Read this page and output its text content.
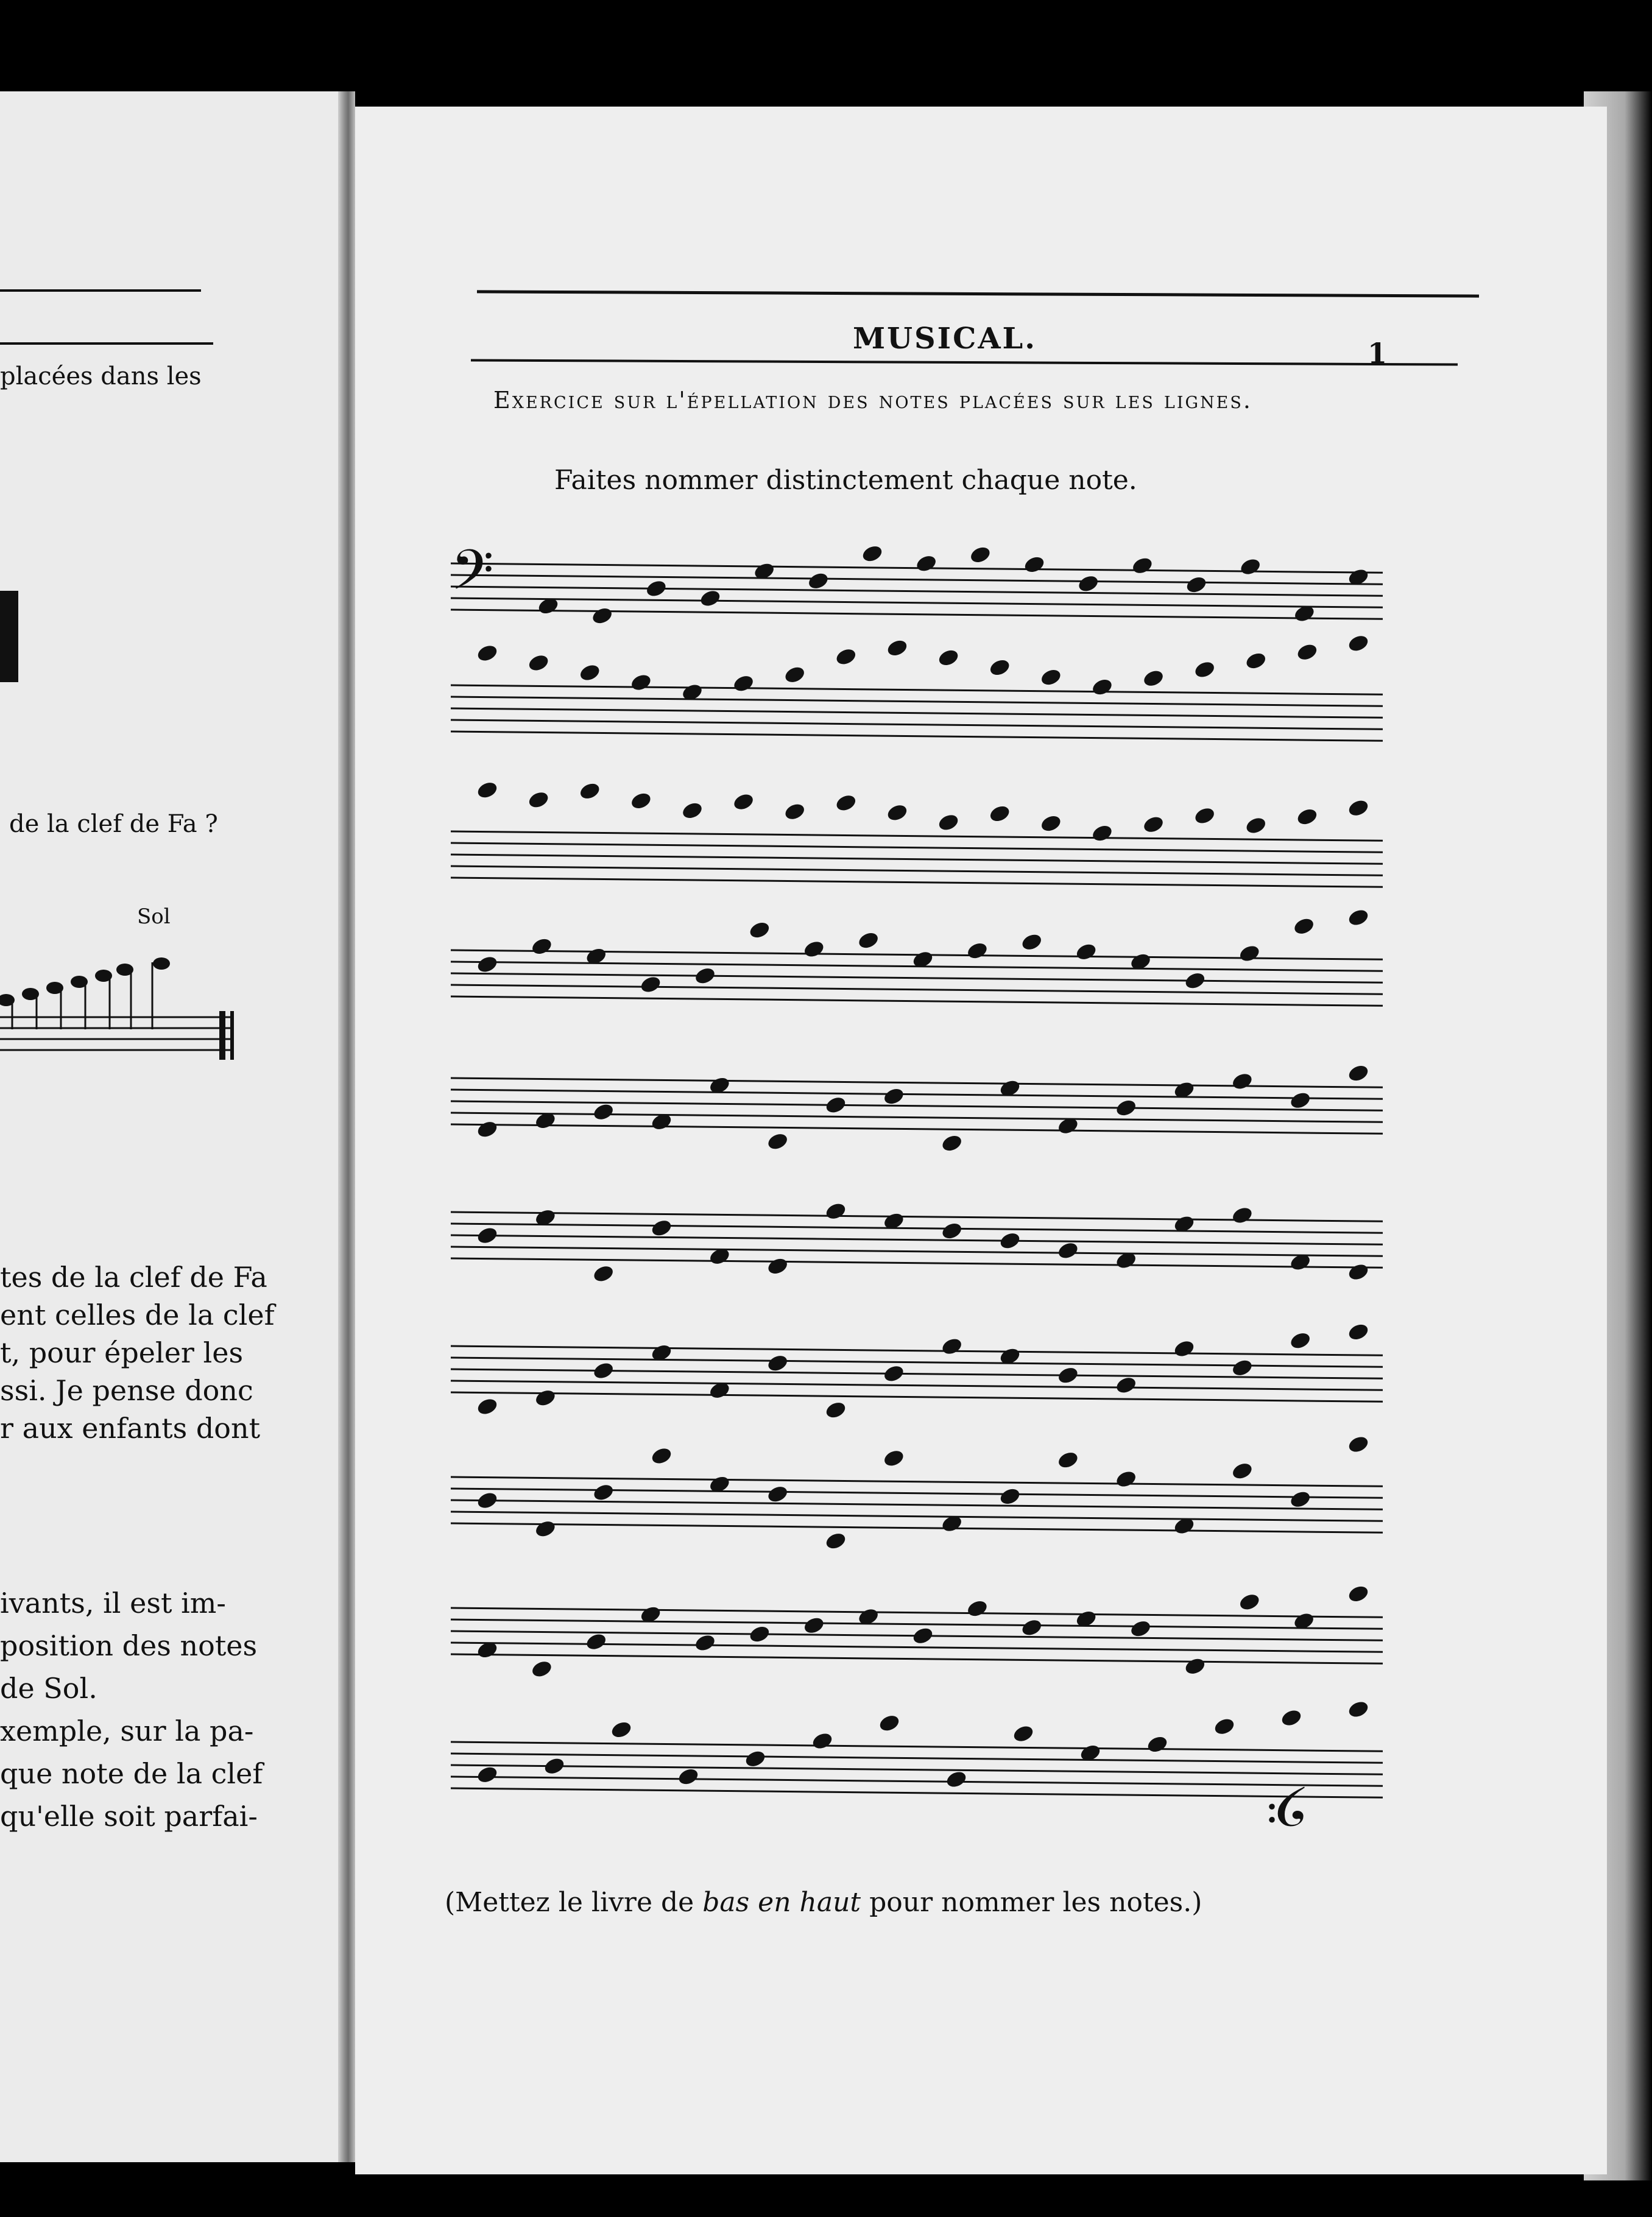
placées dans les
de la clef de Fa ?
Sol
tes de la clef de Fa
ent celles de la clef
t, pour épeler les
ssi. Je pense donc
r aux enfants dont
ivants, il est im-
position des notes
de Sol.
xemple, sur la pa-
que note de la clef
qu'elle soit parfai-
MUSICAL.	1
Exercice sur l'épellation des notes placées sur les lignes.
Faites nommer distinctement chaque note.
(Mettez le livre de bas en haut pour nommer les notes.)
𝄢
𝄢
